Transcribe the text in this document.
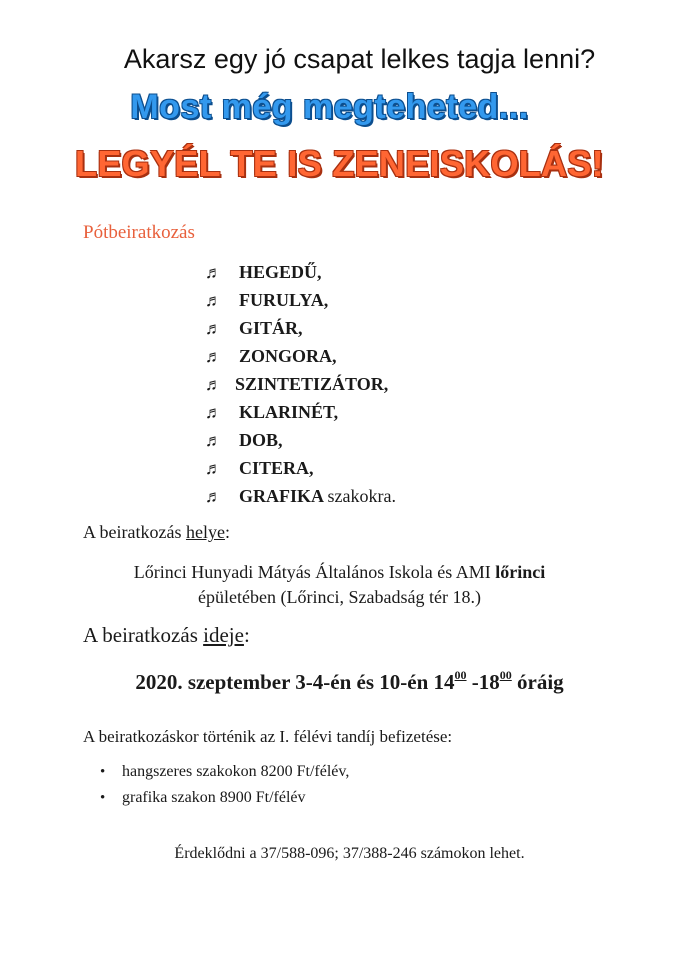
Akarsz egy jó csapat lelkes tagja lenni?
Most még megteheted...
LEGYÉL TE IS ZENEISKOLÁS!
Pótbeiratkozás
♬ HEGEDŰ,
♬ FURULYA,
♬ GITÁR,
♬ ZONGORA,
♬ SZINTETIZÁTOR,
♬ KLARINÉT,
♬ DOB,
♬ CITERA,
♬ GRAFIKA szakokra.
A beiratkozás helye:
Lőrinci Hunyadi Mátyás Általános Iskola és AMI lőrinci
épületében (Lőrinci, Szabadság tér 18.)
A beiratkozás ideje:
2020. szeptember 3-4-én és 10-én $14^{00}$ $-18^{00}$ óráig
A beiratkozáskor történik az I. félévi tandíj befizetése:
• hangszeres szakokon 8200 Ft/félév,
• grafika szakon 8900 Ft/félév
Érdeklődni a 37/588-096; 37/388-246 számokon lehet.
